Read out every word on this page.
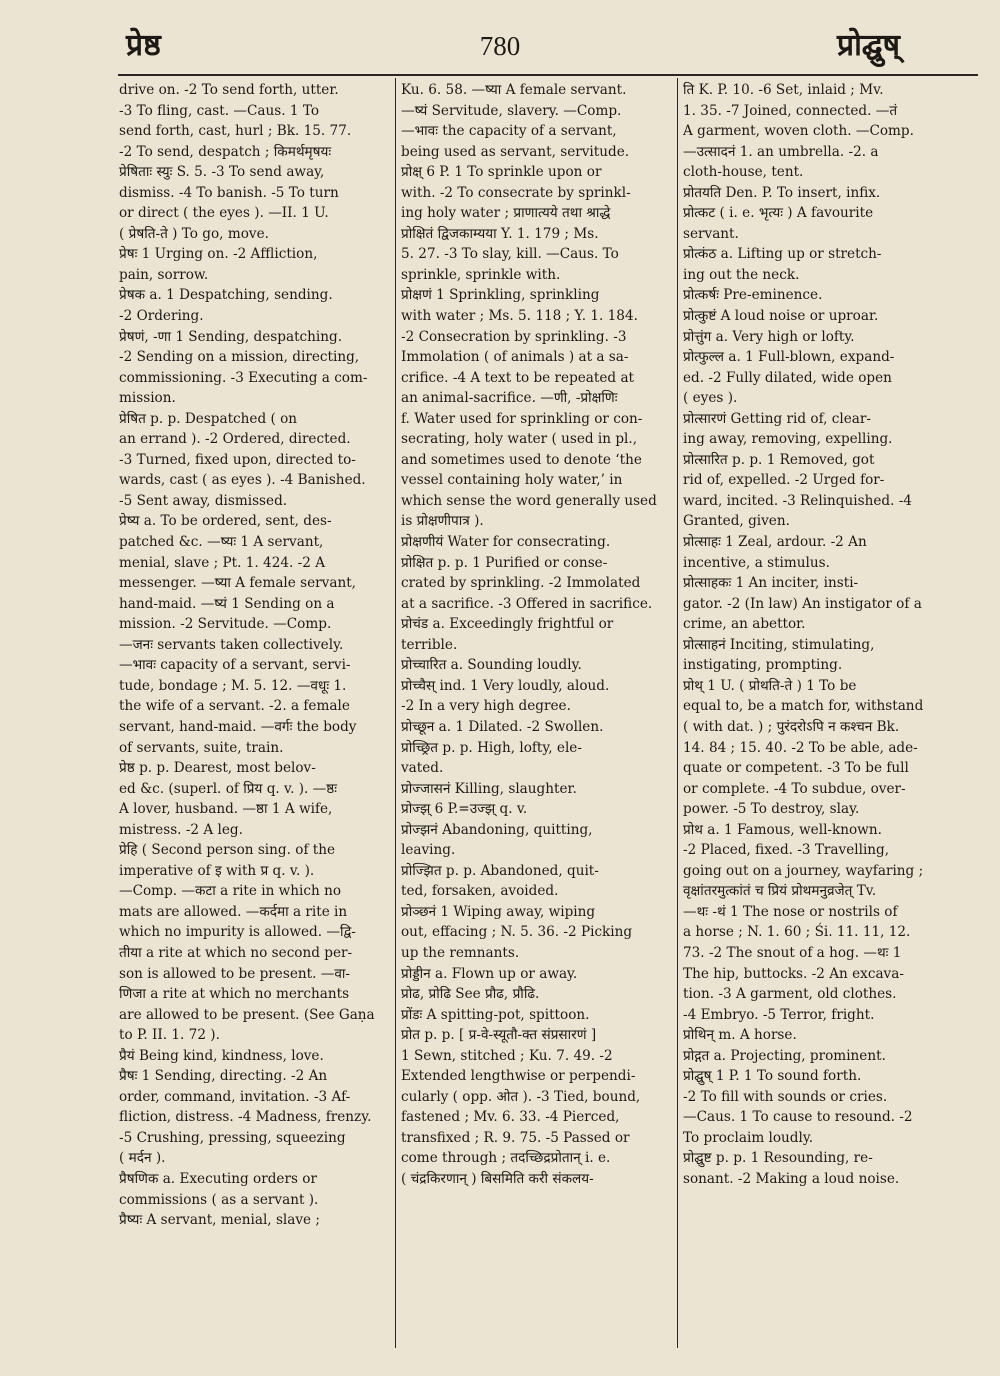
प्रेष्ठ	780	प्रोद्घुष्

drive on. -2 To send forth, utter.

-3 To fling, cast. —Caus. 1 To

send forth, cast, hurl ; Bk. 15. 77.

-2 To send, despatch ; किमर्थमृषयः

प्रेषिताः स्युः S. 5. -3 To send away,

dismiss. -4 To banish. -5 To turn

or direct ( the eyes ). —II. 1 U.

( प्रेषति-ते ) To go, move.

प्रेषः 1 Urging on. -2 Affliction,

pain, sorrow.

प्रेषक a. 1 Despatching, sending.

-2 Ordering.

प्रेषणं, -णा 1 Sending, despatching.

-2 Sending on a mission, directing,

commissioning. -3 Executing a com-

mission.

प्रेषित p. p. Despatched ( on

an errand ). -2 Ordered, directed.

-3 Turned, fixed upon, directed to-

wards, cast ( as eyes ). -4 Banished.

-5 Sent away, dismissed.

प्रेष्य a. To be ordered, sent, des-

patched &c. —ष्यः 1 A servant,

menial, slave ; Pt. 1. 424. -2 A

messenger. —ष्या A female servant,

hand-maid. —ष्यं 1 Sending on a

mission. -2 Servitude. —Comp.

—जनः servants taken collectively.

—भावः capacity of a servant, servi-

tude, bondage ; M. 5. 12. —वधूः 1.

the wife of a servant. -2. a female

servant, hand-maid. —वर्गः the body

of servants, suite, train.

प्रेष्ठ p. p. Dearest, most belov-

ed &c. (superl. of प्रिय q. v. ). —ष्ठः

A lover, husband. —ष्ठा 1 A wife,

mistress. -2 A leg.

प्रेहि ( Second person sing. of the

imperative of इ with प्र q. v. ).

—Comp. —कटा a rite in which no

mats are allowed. —कर्दमा a rite in

which no impurity is allowed. —द्वि-

तीया a rite at which no second per-

son is allowed to be present. —वा-

णिजा a rite at which no merchants

are allowed to be present. (See Gaṇa

to P. II. 1. 72 ).

प्रैयं Being kind, kindness, love.

प्रैषः 1 Sending, directing. -2 An

order, command, invitation. -3 Af-

fliction, distress. -4 Madness, frenzy.

-5 Crushing, pressing, squeezing

( मर्दन ).

प्रैषणिक a. Executing orders or

commissions ( as a servant ).

प्रैष्यः A servant, menial, slave ;

Ku. 6. 58. —ष्या A female servant.

—ष्यं Servitude, slavery. —Comp.

—भावः the capacity of a servant,

being used as servant, servitude.

प्रोक्ष् 6 P. 1 To sprinkle upon or

with. -2 To consecrate by sprinkl-

ing holy water ; प्राणात्यये तथा श्राद्धे

प्रोक्षितं द्विजकाम्यया Y. 1. 179 ; Ms.

5. 27. -3 To slay, kill. —Caus. To

sprinkle, sprinkle with.

प्रोक्षणं 1 Sprinkling, sprinkling

with water ; Ms. 5. 118 ; Y. 1. 184.

-2 Consecration by sprinkling. -3

Immolation ( of animals ) at a sa-

crifice. -4 A text to be repeated at

an animal-sacrifice. —णी, -प्रोक्षणिः

f. Water used for sprinkling or con-

secrating, holy water ( used in pl.,

and sometimes used to denote ‘the

vessel containing holy water,’ in

which sense the word generally used

is प्रोक्षणीपात्र ).

प्रोक्षणीयं Water for consecrating.

प्रोक्षित p. p. 1 Purified or conse-

crated by sprinkling. -2 Immolated

at a sacrifice. -3 Offered in sacrifice.

प्रोचंड a. Exceedingly frightful or

terrible.

प्रोच्चारित a. Sounding loudly.

प्रोच्चैस् ind. 1 Very loudly, aloud.

-2 In a very high degree.

प्रोच्छून a. 1 Dilated. -2 Swollen.

प्रोच्छ्रित p. p. High, lofty, ele-

vated.

प्रोज्जासनं Killing, slaughter.

प्रोज्झ् 6 P.=उज्झ् q. v.

प्रोज्झनं Abandoning, quitting,

leaving.

प्रोज्झित p. p. Abandoned, quit-

ted, forsaken, avoided.

प्रोञ्छनं 1 Wiping away, wiping

out, effacing ; N. 5. 36. -2 Picking

up the remnants.

प्रोड्डीन a. Flown up or away.

प्रोढ, प्रोढि See प्रौढ, प्रौढि.

प्रोंडः A spitting-pot, spittoon.

प्रोत p. p. [ प्र-वे-स्यूतौ-क्त संप्रसारणं ]

1 Sewn, stitched ; Ku. 7. 49. -2

Extended lengthwise or perpendi-

cularly ( opp. ओत ). -3 Tied, bound,

fastened ; Mv. 6. 33. -4 Pierced,

transfixed ; R. 9. 75. -5 Passed or

come through ; तदच्छिद्रप्रोतान् i. e.

( चंद्रकिरणान् ) बिसमिति करी संकलय-

ति K. P. 10. -6 Set, inlaid ; Mv.

1. 35. -7 Joined, connected. —तं

A garment, woven cloth. —Comp.

—उत्सादनं 1. an umbrella. -2. a

cloth-house, tent.

प्रोतयति Den. P. To insert, infix.

प्रोत्कट ( i. e. भृत्यः ) A favourite

servant.

प्रोत्कंठ a. Lifting up or stretch-

ing out the neck.

प्रोत्कर्षः Pre-eminence.

प्रोत्कुष्टं A loud noise or uproar.

प्रोत्तुंग a. Very high or lofty.

प्रोत्फुल्ल a. 1 Full-blown, expand-

ed. -2 Fully dilated, wide open

( eyes ).

प्रोत्सारणं Getting rid of, clear-

ing away, removing, expelling.

प्रोत्सारित p. p. 1 Removed, got

rid of, expelled. -2 Urged for-

ward, incited. -3 Relinquished. -4

Granted, given.

प्रोत्साहः 1 Zeal, ardour. -2 An

incentive, a stimulus.

प्रोत्साहकः 1 An inciter, insti-

gator. -2 (In law) An instigator of a

crime, an abettor.

प्रोत्साहनं Inciting, stimulating,

instigating, prompting.

प्रोथ् 1 U. ( प्रोथति-ते ) 1 To be

equal to, be a match for, withstand

( with dat. ) ; पुरंदरोऽपि न कश्चन Bk.

14. 84 ; 15. 40. -2 To be able, ade-

quate or competent. -3 To be full

or complete. -4 To subdue, over-

power. -5 To destroy, slay.

प्रोथ a. 1 Famous, well-known.

-2 Placed, fixed. -3 Travelling,

going out on a journey, wayfaring ;

वृक्षांतरमुत्कांतं च प्रियं प्रोथमनुव्रजेत् Tv.

—थः -थं 1 The nose or nostrils of

a horse ; N. 1. 60 ; Śi. 11. 11, 12.

73. -2 The snout of a hog. —थः 1

The hip, buttocks. -2 An excava-

tion. -3 A garment, old clothes.

-4 Embryo. -5 Terror, fright.

प्रोथिन् m. A horse.

प्रोद्गत a. Projecting, prominent.

प्रोद्घुष् 1 P. 1 To sound forth.

-2 To fill with sounds or cries.

—Caus. 1 To cause to resound. -2

To proclaim loudly.

प्रोद्घुष्ट p. p. 1 Resounding, re-

sonant. -2 Making a loud noise.
